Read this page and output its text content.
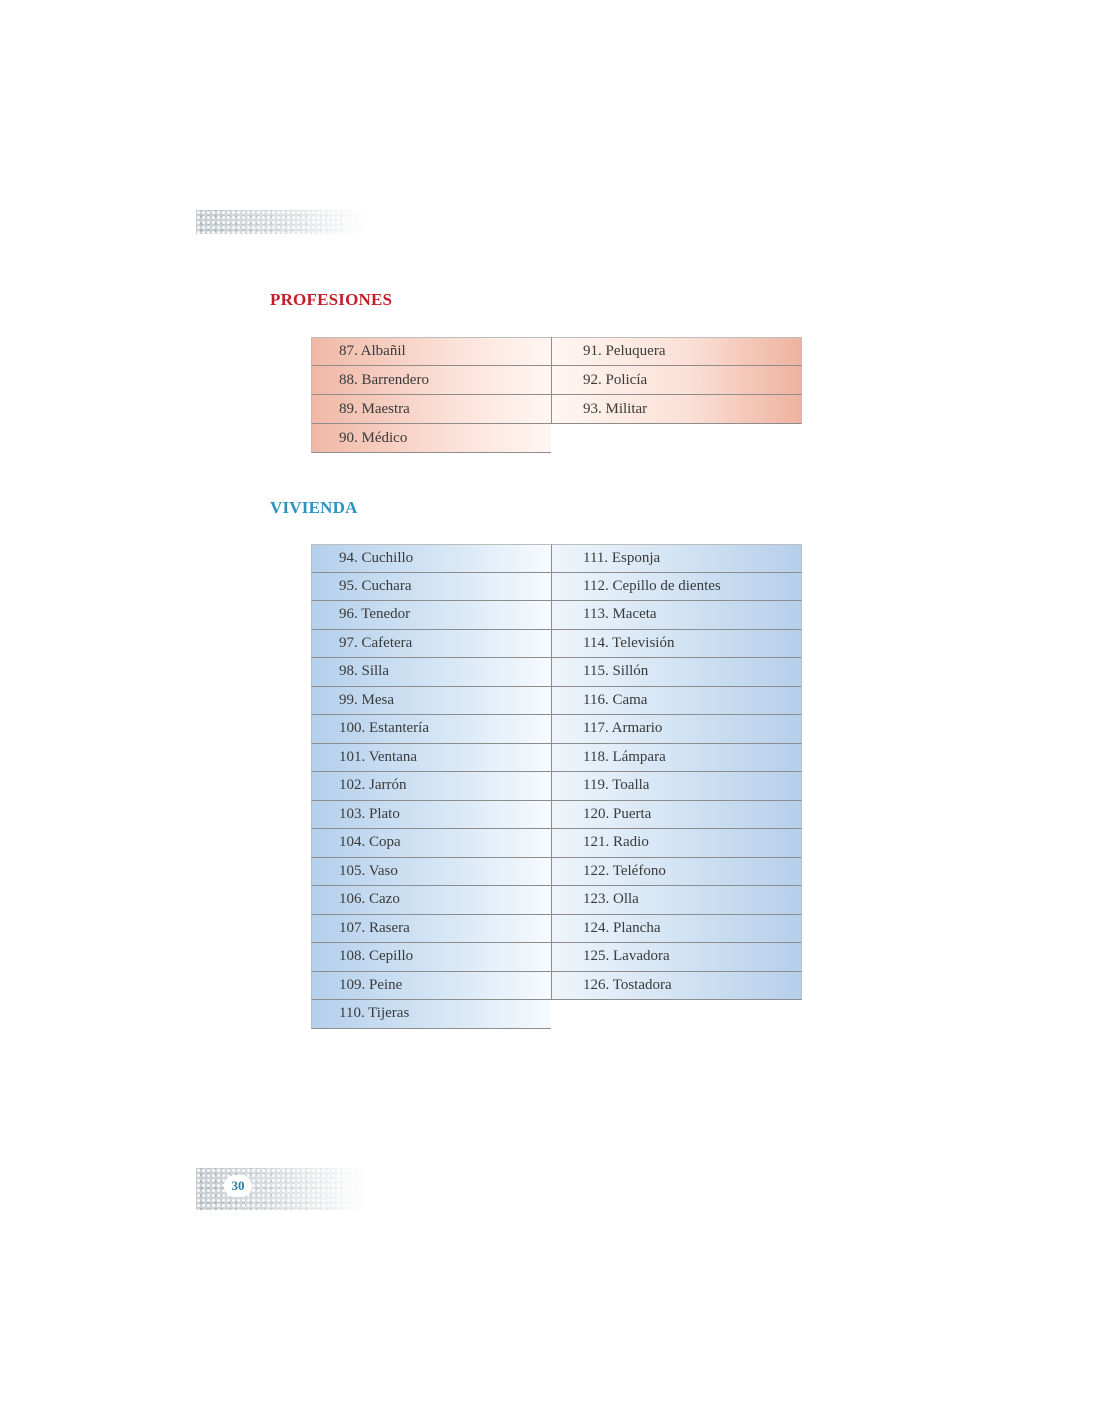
PROFESIONES
87. Albañil
88. Barrendero
89. Maestra
90. Médico
91. Peluquera
92. Policía
93. Militar
VIVIENDA
94. Cuchillo
95. Cuchara
96. Tenedor
97. Cafetera
98. Silla
99. Mesa
100. Estantería
101. Ventana
102. Jarrón
103. Plato
104. Copa
105. Vaso
106. Cazo
107. Rasera
108. Cepillo
109. Peine
110. Tijeras
111. Esponja
112. Cepillo de dientes
113. Maceta
114. Televisión
115. Sillón
116. Cama
117. Armario
118. Lámpara
119. Toalla
120. Puerta
121. Radio
122. Teléfono
123. Olla
124. Plancha
125. Lavadora
126. Tostadora
30
